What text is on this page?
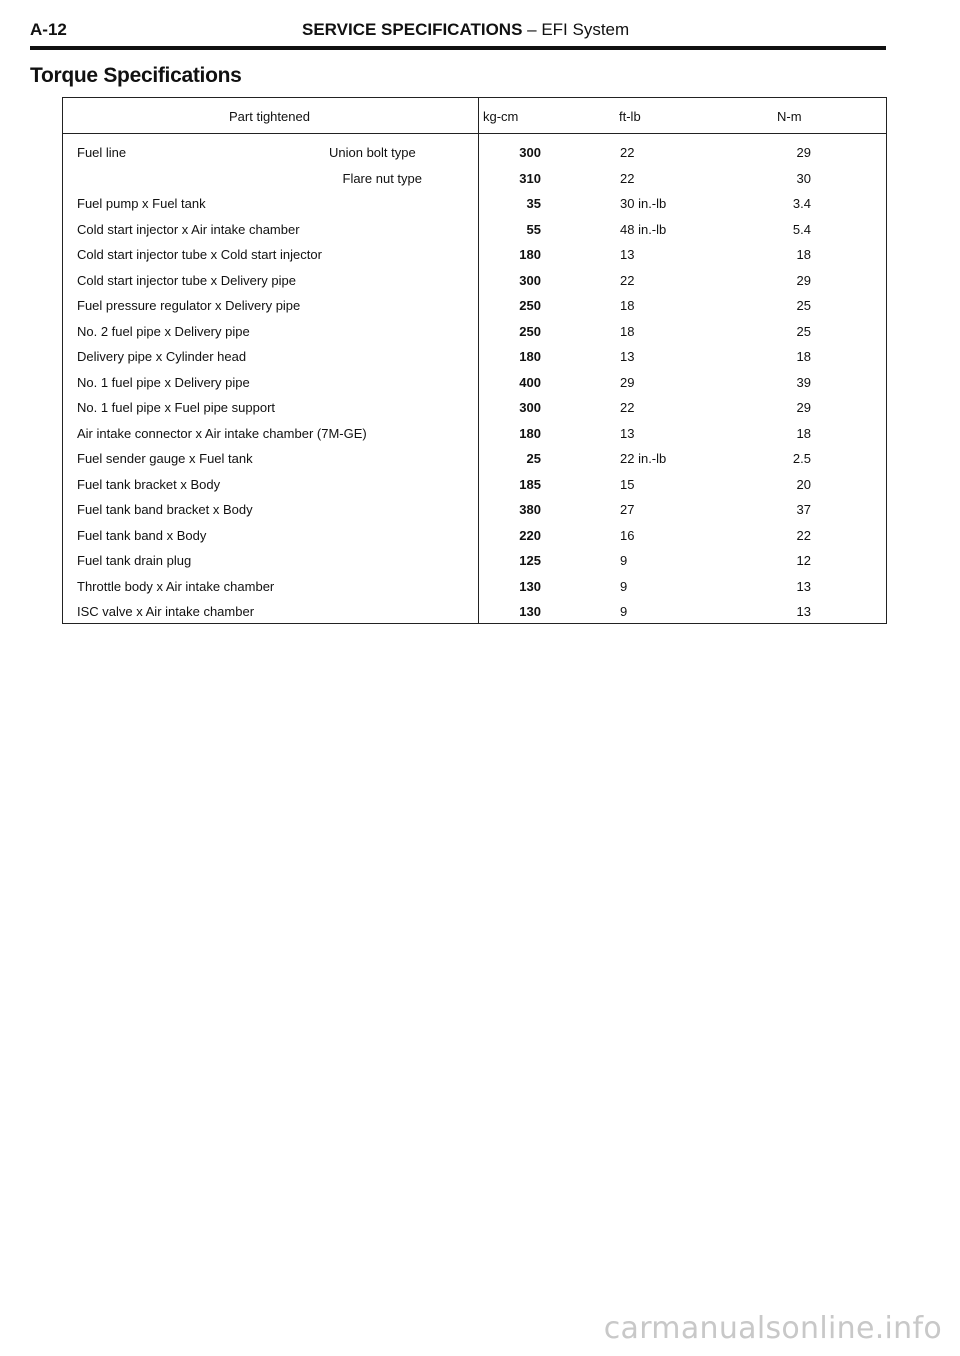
A-12	SERVICE SPECIFICATIONS – EFI System
Torque Specifications
Part tightened	kg-cm	ft-lb	N-m
Fuel line	Union bolt type	300	22	29
Flare nut type	310	22	30
Fuel pump x Fuel tank	35	30 in.-lb	3.4
Cold start injector x Air intake chamber	55	48 in.-lb	5.4
Cold start injector tube x Cold start injector	180	13	18
Cold start injector tube x Delivery pipe	300	22	29
Fuel pressure regulator x Delivery pipe	250	18	25
No. 2 fuel pipe x Delivery pipe	250	18	25
Delivery pipe x Cylinder head	180	13	18
No. 1 fuel pipe x Delivery pipe	400	29	39
No. 1 fuel pipe x Fuel pipe support	300	22	29
Air intake connector x Air intake chamber (7M-GE)	180	13	18
Fuel sender gauge x Fuel tank	25	22 in.-lb	2.5
Fuel tank bracket x Body	185	15	20
Fuel tank band bracket x Body	380	27	37
Fuel tank band x Body	220	16	22
Fuel tank drain plug	125	9	12
Throttle body x Air intake chamber	130	9	13
ISC valve x Air intake chamber	130	9	13
carmanualsonline.info
